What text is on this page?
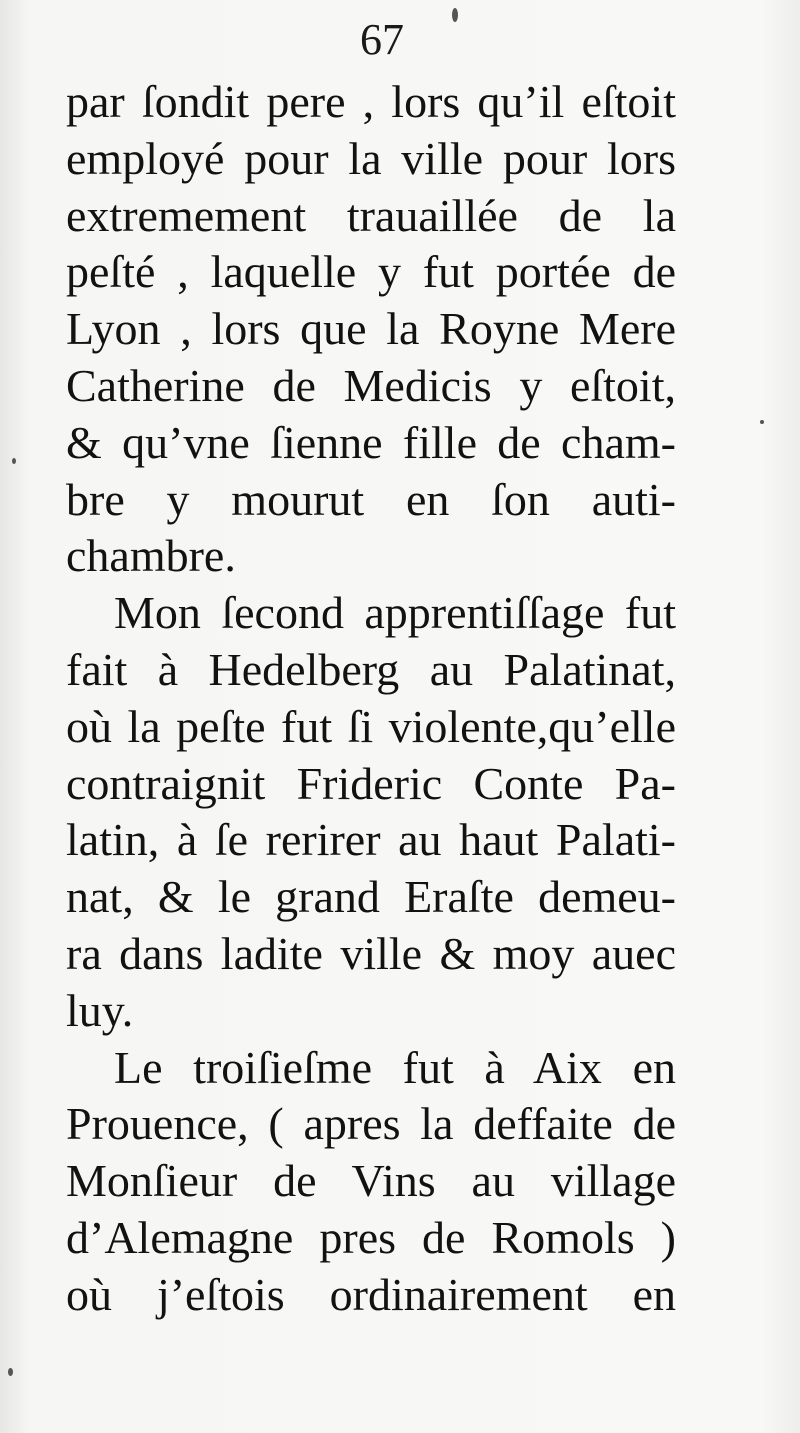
67
par ſondit pere , lors qu’il eſtoit
employé pour la ville pour lors
extremement trauaillée de la
peſté , laquelle y fut portée de
Lyon , lors que la Royne Mere
Catherine de Medicis y eſtoit,
& qu’vne ſienne fille de cham-
bre y mourut en ſon auti-
chambre.
Mon ſecond apprentiſſage fut
fait à Hedelberg au Palatinat,
où la peſte fut ſi violente,qu’elle
contraignit Frideric Conte Pa-
latin, à ſe rerirer au haut Palati-
nat, & le grand Eraſte demeu-
ra dans ladite ville & moy auec
luy.
Le troiſieſme fut à Aix en
Prouence, ( apres la deffaite de
Monſieur de Vins au village
d’Alemagne pres de Romols )
où j’eſtois ordinairement en
